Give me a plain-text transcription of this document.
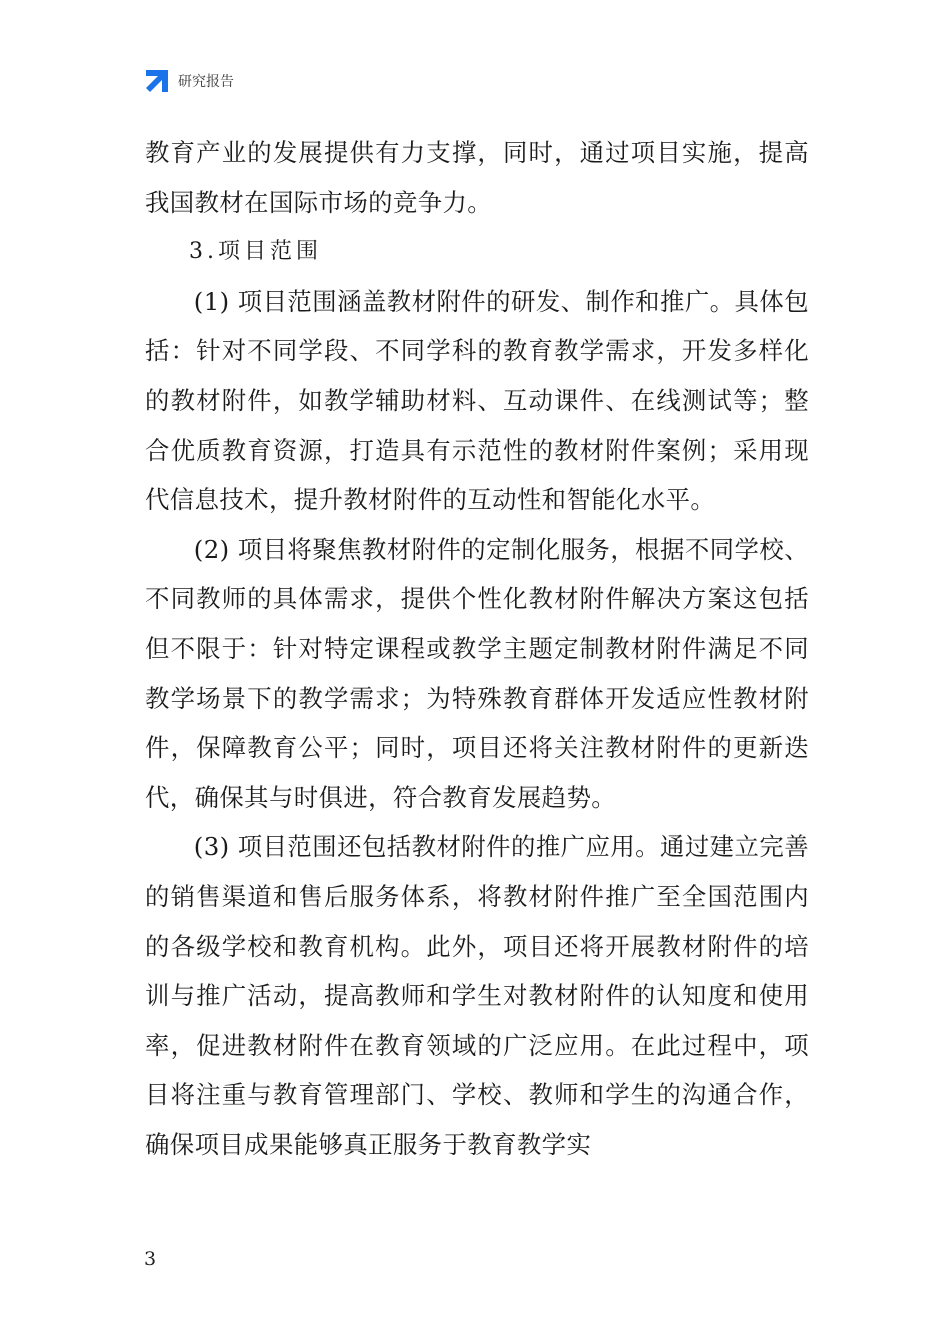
研究报告

教育产业的发展提供有力支撑，同时，通过项目实施，提高我国教材在国际市场的竞争力。

3.项目范围

(1) 项目范围涵盖教材附件的研发、制作和推广。具体包括：针对不同学段、不同学科的教育教学需求，开发多样化的教材附件，如教学辅助材料、互动课件、在线测试等；整合优质教育资源，打造具有示范性的教材附件案例；采用现代信息技术，提升教材附件的互动性和智能化水平。

(2) 项目将聚焦教材附件的定制化服务，根据不同学校、不同教师的具体需求，提供个性化教材附件解决方案这包括但不限于：针对特定课程或教学主题定制教材附件满足不同教学场景下的教学需求；为特殊教育群体开发适应性教材附件，保障教育公平；同时，项目还将关注教材附件的更新迭代，确保其与时俱进，符合教育发展趋势。

(3) 项目范围还包括教材附件的推广应用。通过建立完善的销售渠道和售后服务体系，将教材附件推广至全国范围内的各级学校和教育机构。此外，项目还将开展教材附件的培训与推广活动，提高教师和学生对教材附件的认知度和使用率，促进教材附件在教育领域的广泛应用。在此过程中，项目将注重与教育管理部门、学校、教师和学生的沟通合作，确保项目成果能够真正服务于教育教学实

3
